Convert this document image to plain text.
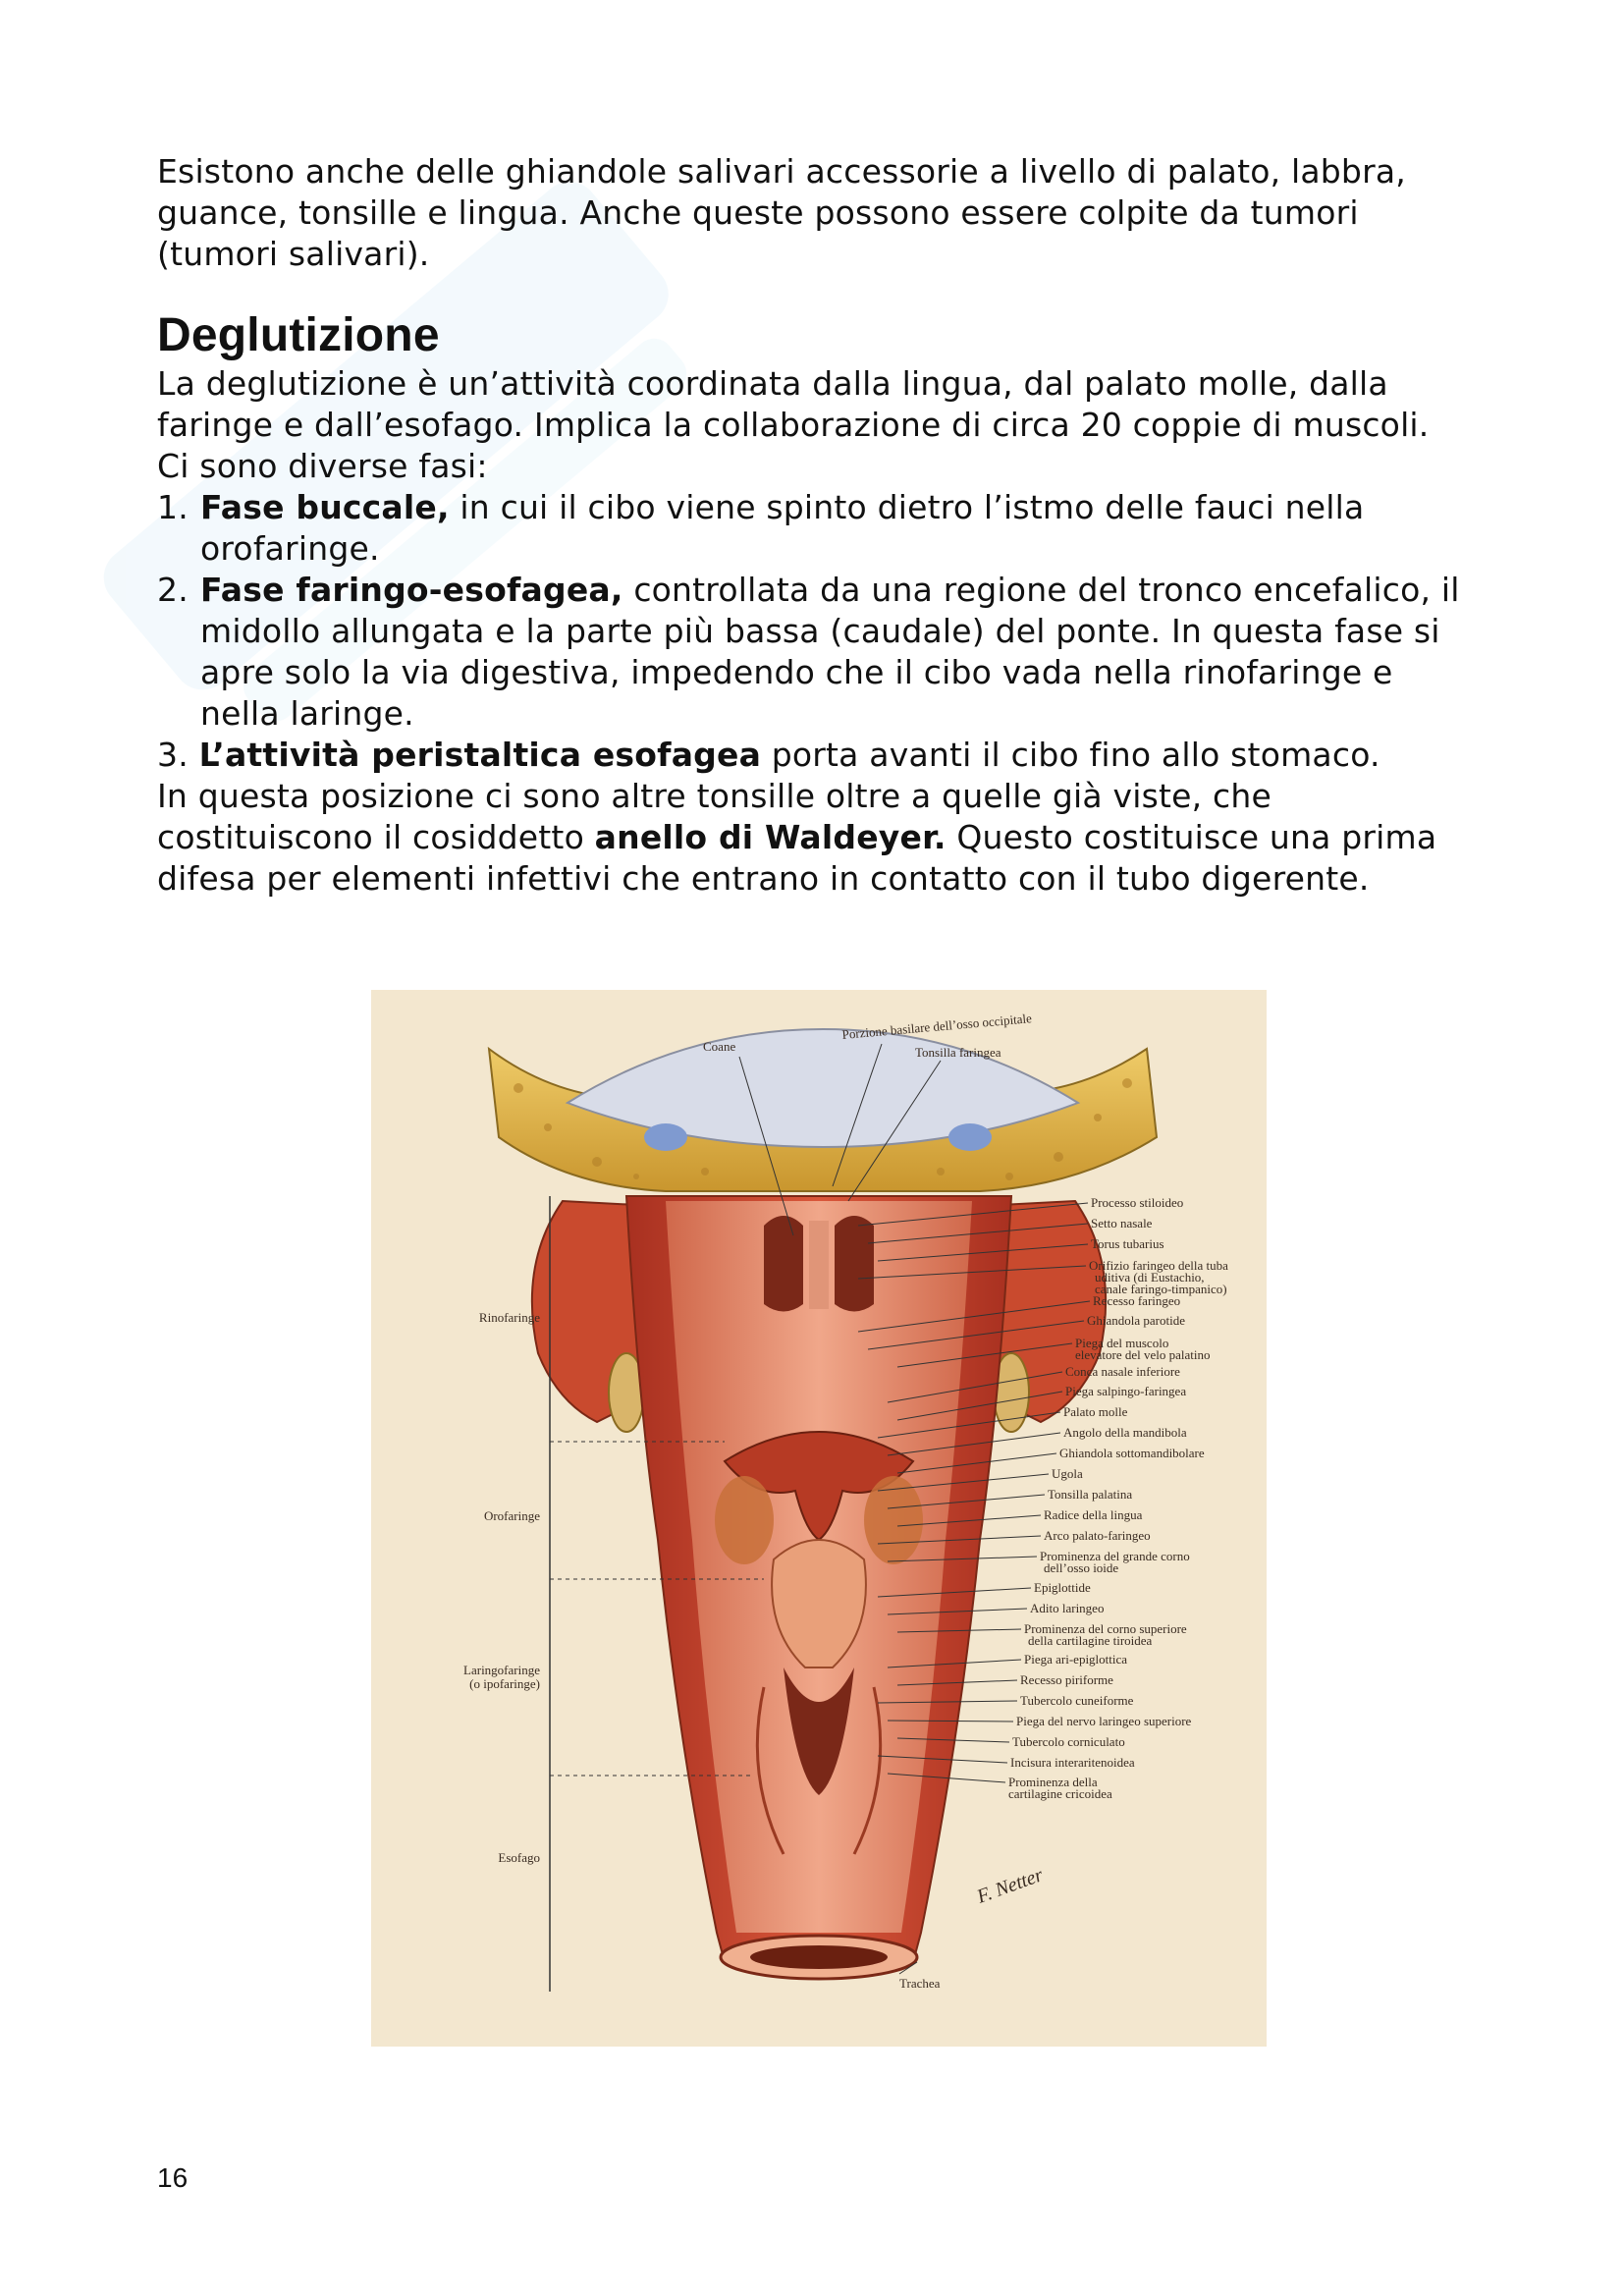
Esistono anche delle ghiandole salivari accessorie a livello di palato, labbra, guance, tonsille e lingua. Anche queste possono essere colpite da tumori (tumori salivari).

Deglutizione

La deglutizione è un’attività coordinata dalla lingua, dal palato molle, dalla faringe e dall’esofago. Implica la collaborazione di circa 20 coppie di muscoli.

Ci sono diverse fasi:

1. Fase buccale, in cui il cibo viene spinto dietro l’istmo delle fauci nella orofaringe.
2. Fase faringo-esofagea, controllata da una regione del tronco encefalico, il midollo allungata e la parte più bassa (caudale) del ponte. In questa fase si apre solo la via digestiva, impedendo che il cibo vada nella rinofaringe e nella laringe.

3. L’attività peristaltica esofagea porta avanti il cibo fino allo stomaco.

In questa posizione ci sono altre tonsille oltre a quelle già viste, che costituiscono il cosiddetto anello di Waldeyer. Questo costituisce una prima difesa per elementi infettivi che entrano in contatto con il tubo digerente.

Rinofaringe
Orofaringe
Laringofaringe
(o ipofaringe)
Esofago
Coane
Porzione basilare dell’osso occipitale
Tonsilla faringea
Processo stiloideo
Setto nasale
Torus tubarius
Orifizio faringeo della tuba
uditiva (di Eustachio,
canale faringo-timpanico)
Recesso faringeo
Ghiandola parotide
Piega del muscolo
elevatore del velo palatino
Conca nasale inferiore
Piega salpingo-faringea
Palato molle
Angolo della mandibola
Ghiandola sottomandibolare
Ugola
Tonsilla palatina
Radice della lingua
Arco palato-faringeo
Prominenza del grande corno
dell’osso ioide
Epiglottide
Adito laringeo
Prominenza del corno superiore
della cartilagine tiroidea
Piega ari-epiglottica
Recesso piriforme
Tubercolo cuneiforme
Piega del nervo laringeo superiore
Tubercolo corniculato
Incisura interaritenoidea
Prominenza della
cartilagine cricoidea
Trachea
F. Netter
16
